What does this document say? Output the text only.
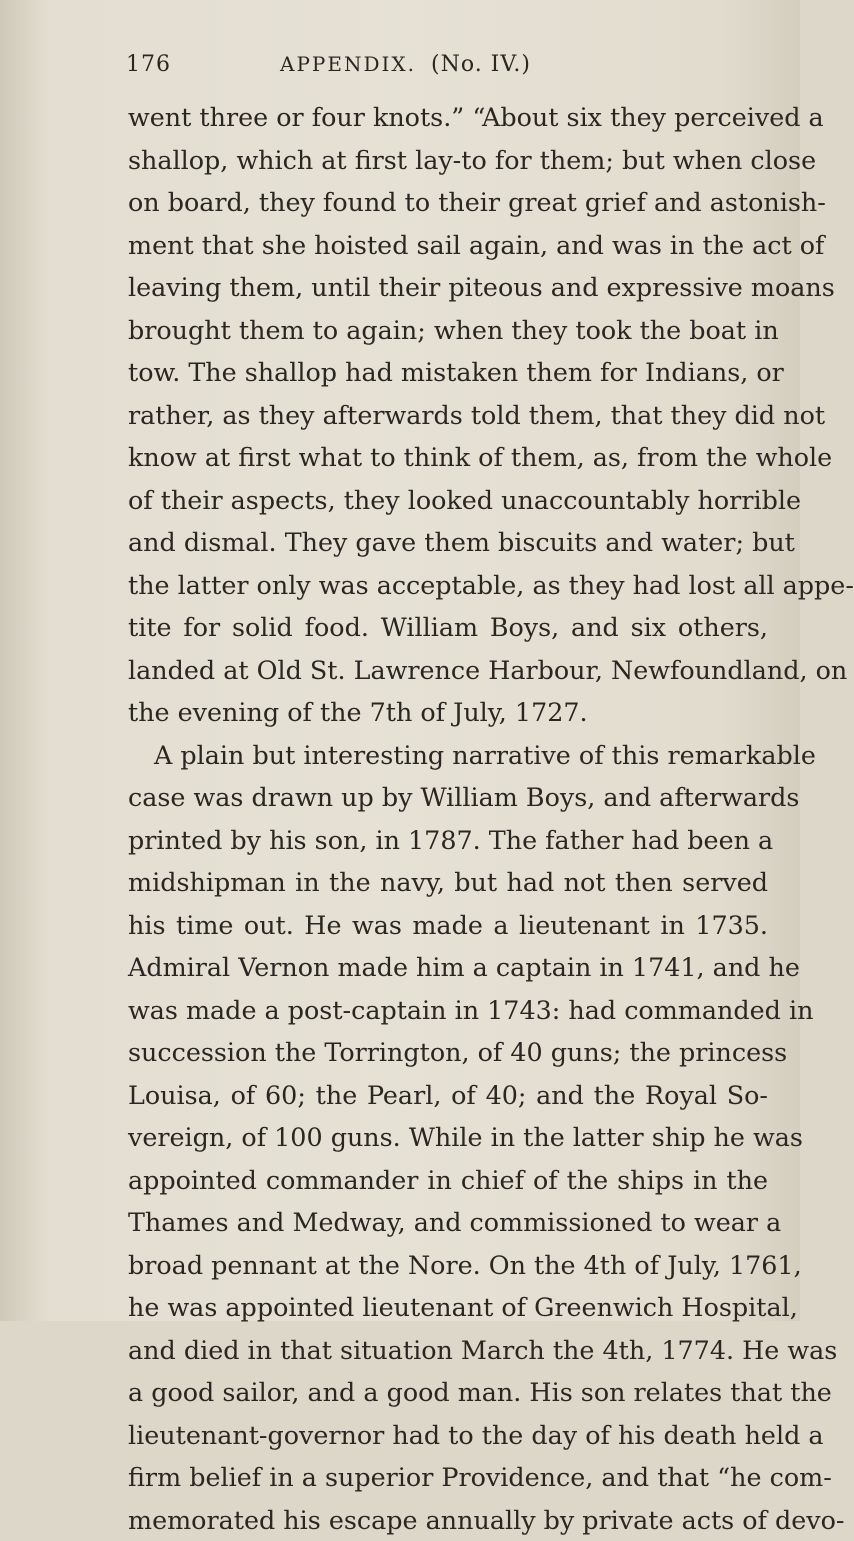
176	APPENDIX. (No. IV.)
went three or four knots.” “About six they perceived a
shallop, which at first lay-to for them; but when close
on board, they found to their great grief and astonish-
ment that she hoisted sail again, and was in the act of
leaving them, until their piteous and expressive moans
brought them to again; when they took the boat in
tow. The shallop had mistaken them for Indians, or
rather, as they afterwards told them, that they did not
know at first what to think of them, as, from the whole
of their aspects, they looked unaccountably horrible
and dismal. They gave them biscuits and water; but
the latter only was acceptable, as they had lost all appe-
tite for solid food. William Boys, and six others,
landed at Old St. Lawrence Harbour, Newfoundland, on
the evening of the 7th of July, 1727.
A plain but interesting narrative of this remarkable
case was drawn up by William Boys, and afterwards
printed by his son, in 1787. The father had been a
midshipman in the navy, but had not then served
his time out. He was made a lieutenant in 1735.
Admiral Vernon made him a captain in 1741, and he
was made a post-captain in 1743: had commanded in
succession the Torrington, of 40 guns; the princess
Louisa, of 60; the Pearl, of 40; and the Royal So-
vereign, of 100 guns. While in the latter ship he was
appointed commander in chief of the ships in the
Thames and Medway, and commissioned to wear a
broad pennant at the Nore. On the 4th of July, 1761,
he was appointed lieutenant of Greenwich Hospital,
and died in that situation March the 4th, 1774. He was
a good sailor, and a good man. His son relates that the
lieutenant-governor had to the day of his death held a
firm belief in a superior Providence, and that “he com-
memorated his escape annually by private acts of devo-
